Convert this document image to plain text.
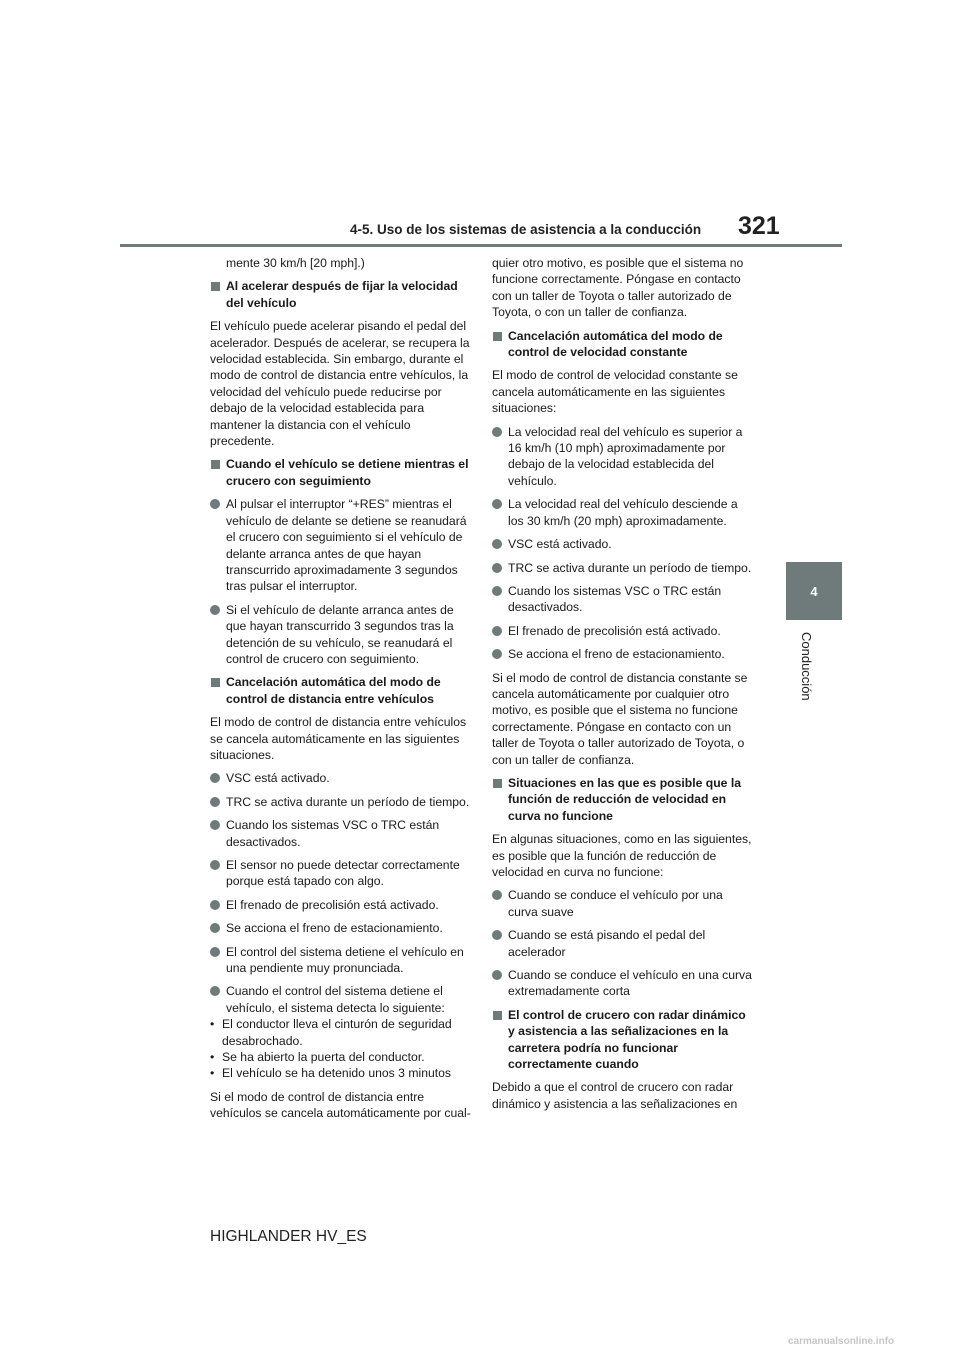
4-5. Uso de los sistemas de asistencia a la conducción	321
4
Conducción

mente 30 km/h [20 mph].)

Al acelerar después de fijar la velocidad del vehículo

El vehículo puede acelerar pisando el pedal del acelerador. Después de acelerar, se recupera la velocidad establecida. Sin embargo, durante el modo de control de distancia entre vehículos, la velocidad del vehículo puede reducirse por debajo de la velocidad establecida para mantener la distancia con el vehículo precedente.

Cuando el vehículo se detiene mientras el crucero con seguimiento
Al pulsar el interruptor “+RES” mientras el vehículo de delante se detiene se reanudará el crucero con seguimiento si el vehículo de delante arranca antes de que hayan transcurrido aproximadamente 3 segundos tras pulsar el interruptor.
Si el vehículo de delante arranca antes de que hayan transcurrido 3 segundos tras la detención de su vehículo, se reanudará el control de crucero con seguimiento.
Cancelación automática del modo de control de distancia entre vehículos

El modo de control de distancia entre vehículos se cancela automáticamente en las siguientes situaciones.

VSC está activado.
TRC se activa durante un período de tiempo.
Cuando los sistemas VSC o TRC están desactivados.
El sensor no puede detectar correctamente porque está tapado con algo.
El frenado de precolisión está activado.
Se acciona el freno de estacionamiento.
El control del sistema detiene el vehículo en una pendiente muy pronunciada.
Cuando el control del sistema detiene el vehículo, el sistema detecta lo siguiente:
• El conductor lleva el cinturón de seguridad desabrochado.
• Se ha abierto la puerta del conductor.
• El vehículo se ha detenido unos 3 minutos

Si el modo de control de distancia entre vehículos se cancela automáticamente por cual-

quier otro motivo, es posible que el sistema no funcione correctamente. Póngase en contacto con un taller de Toyota o taller autorizado de Toyota, o con un taller de confianza.

Cancelación automática del modo de control de velocidad constante

El modo de control de velocidad constante se cancela automáticamente en las siguientes situaciones:

La velocidad real del vehículo es superior a 16 km/h (10 mph) aproximadamente por debajo de la velocidad establecida del vehículo.
La velocidad real del vehículo desciende a los 30 km/h (20 mph) aproximadamente.
VSC está activado.
TRC se activa durante un período de tiempo.
Cuando los sistemas VSC o TRC están desactivados.
El frenado de precolisión está activado.
Se acciona el freno de estacionamiento.

Si el modo de control de distancia constante se cancela automáticamente por cualquier otro motivo, es posible que el sistema no funcione correctamente. Póngase en contacto con un taller de Toyota o taller autorizado de Toyota, o con un taller de confianza.

Situaciones en las que es posible que la función de reducción de velocidad en curva no funcione

En algunas situaciones, como en las siguientes, es posible que la función de reducción de velocidad en curva no funcione:

Cuando se conduce el vehículo por una curva suave
Cuando se está pisando el pedal del acelerador
Cuando se conduce el vehículo en una curva extremadamente corta
El control de crucero con radar dinámico y asistencia a las señalizaciones en la carretera podría no funcionar correctamente cuando

Debido a que el control de crucero con radar dinámico y asistencia a las señalizaciones en

HIGHLANDER HV_ES
carmanualsonline.info
